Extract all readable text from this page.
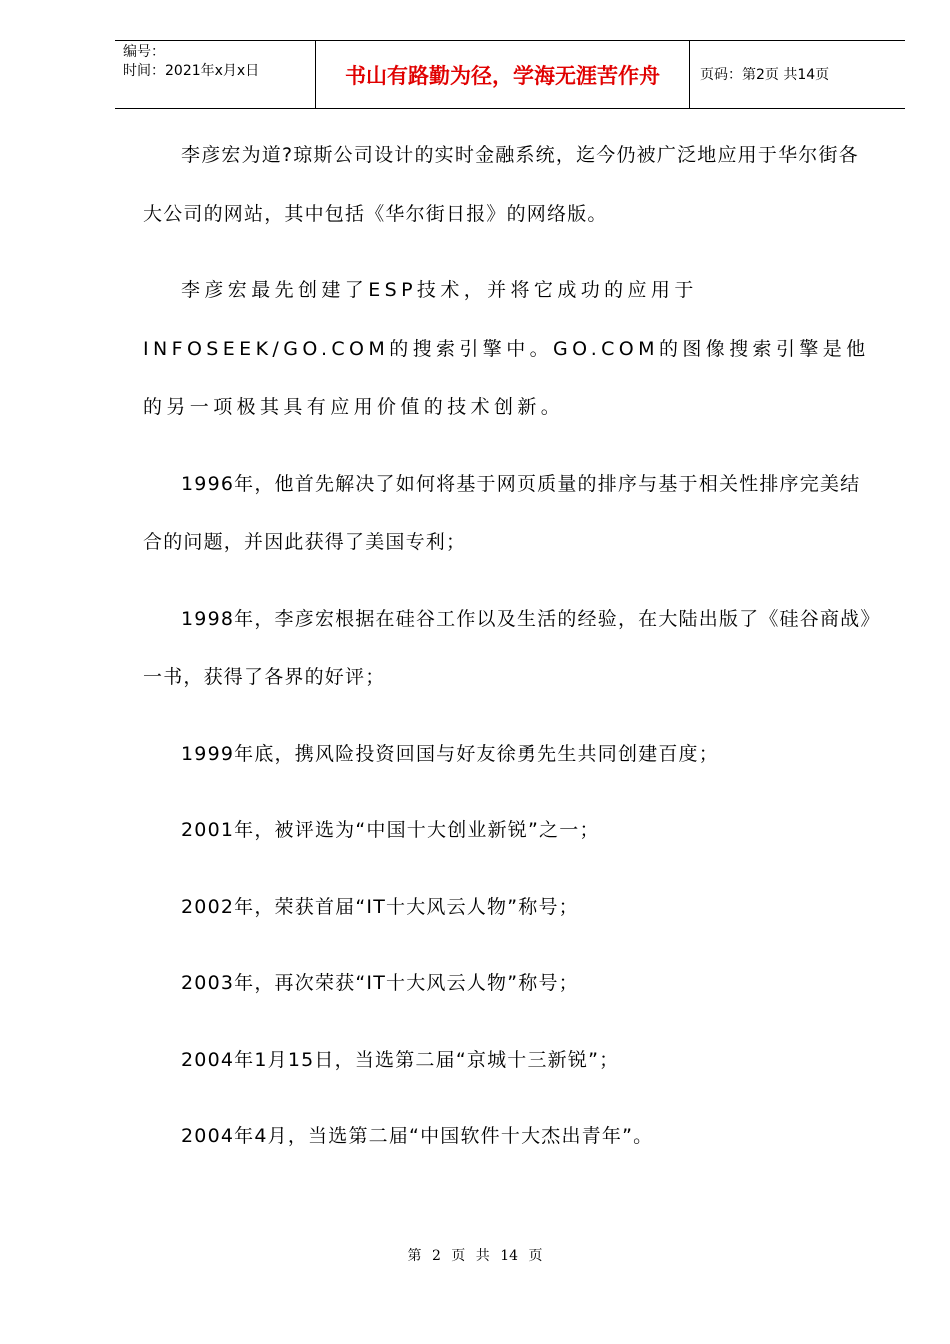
编号：
时间：2021年x月x日	书山有路勤为径，学海无涯苦作舟	页码：第2页 共14页

李彦宏为道?琼斯公司设计的实时金融系统，迄今仍被广泛地应用于华尔街各大公司的网站，其中包括《华尔街日报》的网络版。

李彦宏最先创建了ESP技术，并将它成功的应用于INFOSEEK/GO.COM的搜索引擎中。GO.COM的图像搜索引擎是他的另一项极其具有应用价值的技术创新。

1996年，他首先解决了如何将基于网页质量的排序与基于相关性排序完美结合的问题，并因此获得了美国专利；

1998年，李彦宏根据在硅谷工作以及生活的经验，在大陆出版了《硅谷商战》一书，获得了各界的好评；

1999年底，携风险投资回国与好友徐勇先生共同创建百度；

2001年，被评选为“中国十大创业新锐”之一；

2002年，荣获首届“IT十大风云人物”称号；

2003年，再次荣获“IT十大风云人物”称号；

2004年1月15日，当选第二届“京城十三新锐”；

2004年4月，当选第二届“中国软件十大杰出青年”。

第 2 页 共 14 页
